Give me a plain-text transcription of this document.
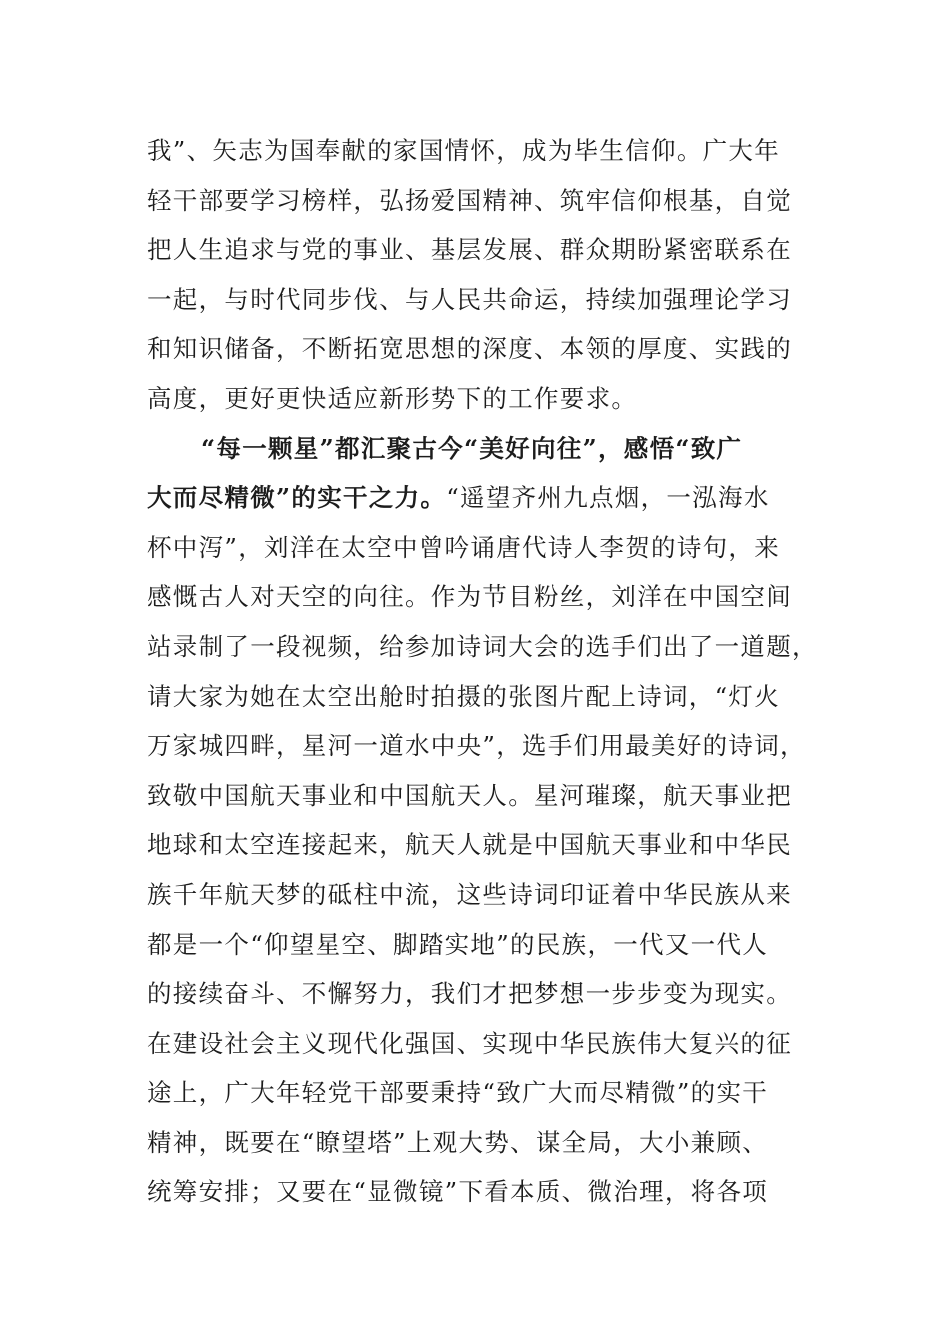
我”、矢志为国奉献的家国情怀，成为毕生信仰。广大年
轻干部要学习榜样，弘扬爱国精神、筑牢信仰根基，自觉
把人生追求与党的事业、基层发展、群众期盼紧密联系在
一起，与时代同步伐、与人民共命运，持续加强理论学习
和知识储备，不断拓宽思想的深度、本领的厚度、实践的
高度，更好更快适应新形势下的工作要求。
“每一颗星”都汇聚古今“美好向往”，感悟“致广
大而尽精微”的实干之力。“遥望齐州九点烟，一泓海水
杯中泻”，刘洋在太空中曾吟诵唐代诗人李贺的诗句，来
感慨古人对天空的向往。作为节目粉丝，刘洋在中国空间
站录制了一段视频，给参加诗词大会的选手们出了一道题，
请大家为她在太空出舱时拍摄的张图片配上诗词，“灯火
万家城四畔，星河一道水中央”，选手们用最美好的诗词，
致敬中国航天事业和中国航天人。星河璀璨，航天事业把
地球和太空连接起来，航天人就是中国航天事业和中华民
族千年航天梦的砥柱中流，这些诗词印证着中华民族从来
都是一个“仰望星空、脚踏实地”的民族，一代又一代人
的接续奋斗、不懈努力，我们才把梦想一步步变为现实。
在建设社会主义现代化强国、实现中华民族伟大复兴的征
途上，广大年轻党干部要秉持“致广大而尽精微”的实干
精神，既要在“瞭望塔”上观大势、谋全局，大小兼顾、
统筹安排；又要在“显微镜”下看本质、微治理，将各项
